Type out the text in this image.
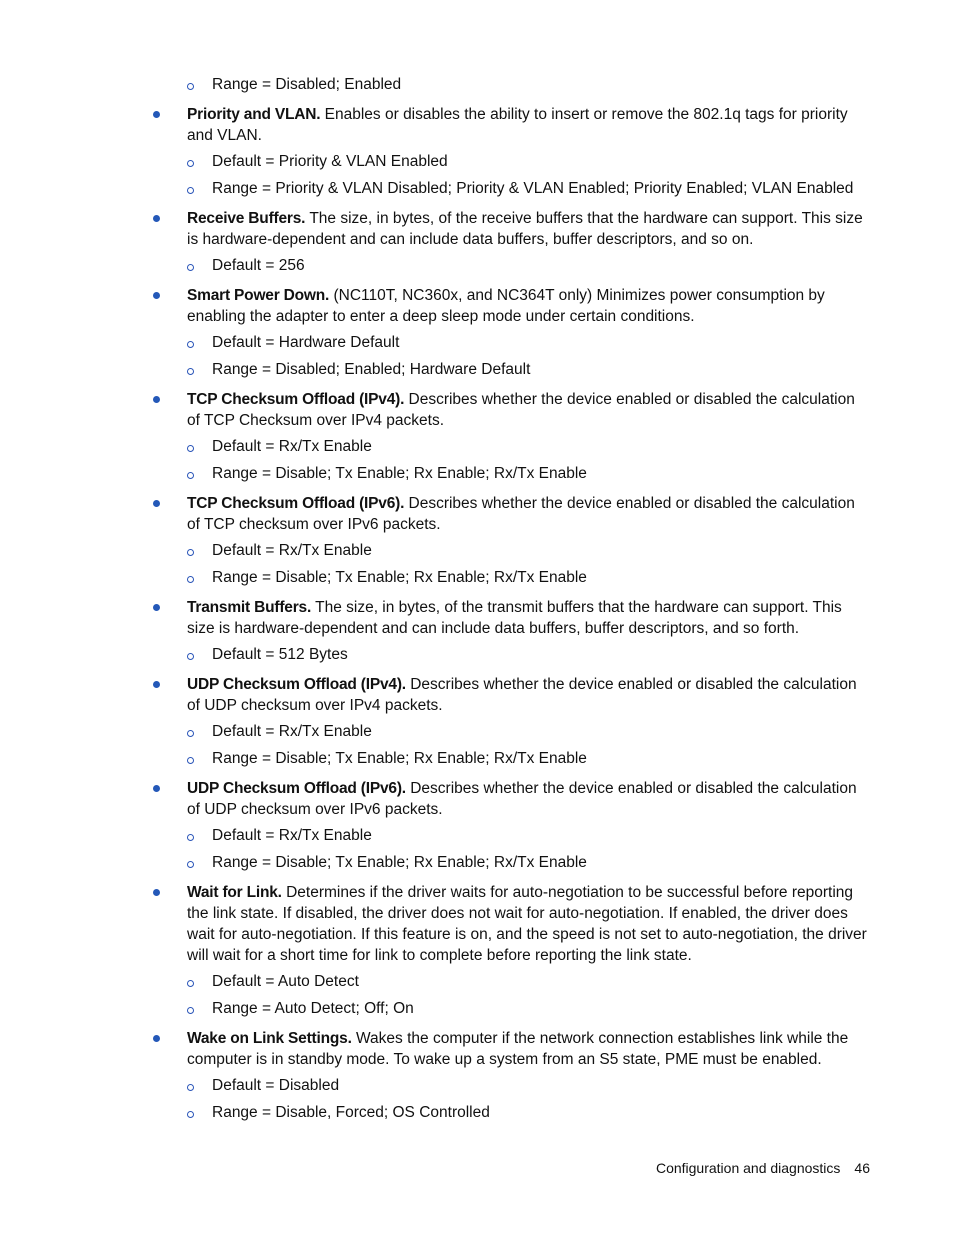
Range = Disabled; Enabled
Priority and VLAN. Enables or disables the ability to insert or remove the 802.1q tags for priority and VLAN.
Default = Priority & VLAN Enabled
Range = Priority & VLAN Disabled; Priority & VLAN Enabled; Priority Enabled; VLAN Enabled
Receive Buffers. The size, in bytes, of the receive buffers that the hardware can support. This size is hardware-dependent and can include data buffers, buffer descriptors, and so on.
Default = 256
Smart Power Down. (NC110T, NC360x, and NC364T only) Minimizes power consumption by enabling the adapter to enter a deep sleep mode under certain conditions.
Default = Hardware Default
Range = Disabled; Enabled; Hardware Default
TCP Checksum Offload (IPv4). Describes whether the device enabled or disabled the calculation of TCP Checksum over IPv4 packets.
Default = Rx/Tx Enable
Range = Disable; Tx Enable; Rx Enable; Rx/Tx Enable
TCP Checksum Offload (IPv6). Describes whether the device enabled or disabled the calculation of TCP checksum over IPv6 packets.
Default = Rx/Tx Enable
Range = Disable; Tx Enable; Rx Enable; Rx/Tx Enable
Transmit Buffers. The size, in bytes, of the transmit buffers that the hardware can support. This size is hardware-dependent and can include data buffers, buffer descriptors, and so forth.
Default = 512 Bytes
UDP Checksum Offload (IPv4). Describes whether the device enabled or disabled the calculation of UDP checksum over IPv4 packets.
Default = Rx/Tx Enable
Range = Disable; Tx Enable; Rx Enable; Rx/Tx Enable
UDP Checksum Offload (IPv6). Describes whether the device enabled or disabled the calculation of UDP checksum over IPv6 packets.
Default = Rx/Tx Enable
Range = Disable; Tx Enable; Rx Enable; Rx/Tx Enable
Wait for Link. Determines if the driver waits for auto-negotiation to be successful before reporting the link state. If disabled, the driver does not wait for auto-negotiation. If enabled, the driver does wait for auto-negotiation. If this feature is on, and the speed is not set to auto-negotiation, the driver will wait for a short time for link to complete before reporting the link state.
Default = Auto Detect
Range = Auto Detect; Off; On
Wake on Link Settings. Wakes the computer if the network connection establishes link while the computer is in standby mode. To wake up a system from an S5 state, PME must be enabled.
Default = Disabled
Range = Disable, Forced; OS Controlled
Configuration and diagnostics 46
